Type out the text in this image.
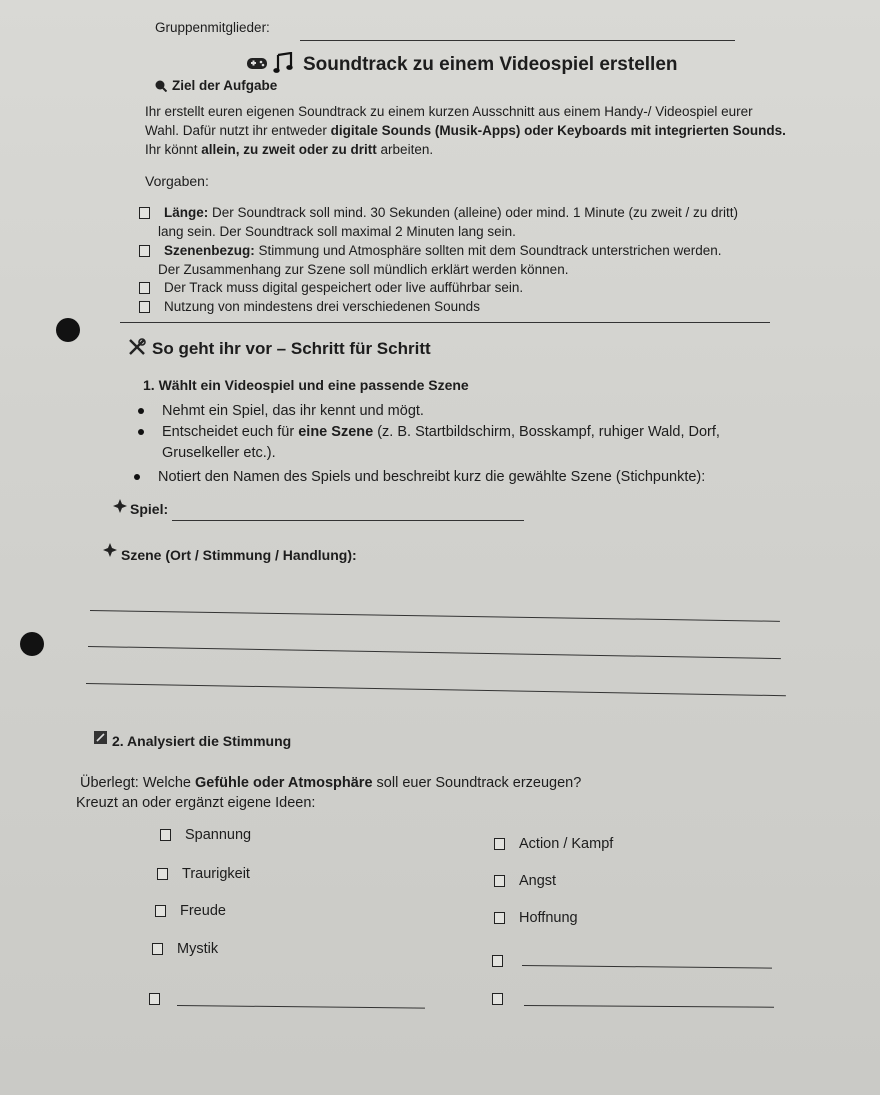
Gruppenmitglieder:
Soundtrack zu einem Videospiel erstellen
Ziel der Aufgabe
Ihr erstellt euren eigenen Soundtrack zu einem kurzen Ausschnitt aus einem Handy-/ Videospiel eurer
Wahl. Dafür nutzt ihr entweder digitale Sounds (Musik-Apps) oder Keyboards mit integrierten Sounds.
Ihr könnt allein, zu zweit oder zu dritt arbeiten.
Vorgaben:
Länge: Der Soundtrack soll mind. 30 Sekunden (alleine) oder mind. 1 Minute (zu zweit / zu dritt)
lang sein. Der Soundtrack soll maximal 2 Minuten lang sein.
Szenenbezug: Stimmung und Atmosphäre sollten mit dem Soundtrack unterstrichen werden.
Der Zusammenhang zur Szene soll mündlich erklärt werden können.
Der Track muss digital gespeichert oder live aufführbar sein.
Nutzung von mindestens drei verschiedenen Sounds
So geht ihr vor – Schritt für Schritt
1. Wählt ein Videospiel und eine passende Szene
Nehmt ein Spiel, das ihr kennt und mögt.
Entscheidet euch für eine Szene (z. B. Startbildschirm, Bosskampf, ruhiger Wald, Dorf,
Gruselkeller etc.).
Notiert den Namen des Spiels und beschreibt kurz die gewählte Szene (Stichpunkte):
Spiel:
Szene (Ort / Stimmung / Handlung):
2. Analysiert die Stimmung
Überlegt: Welche Gefühle oder Atmosphäre soll euer Soundtrack erzeugen?
Kreuzt an oder ergänzt eigene Ideen:
Spannung
Traurigkeit
Freude
Mystik
Action / Kampf
Angst
Hoffnung
